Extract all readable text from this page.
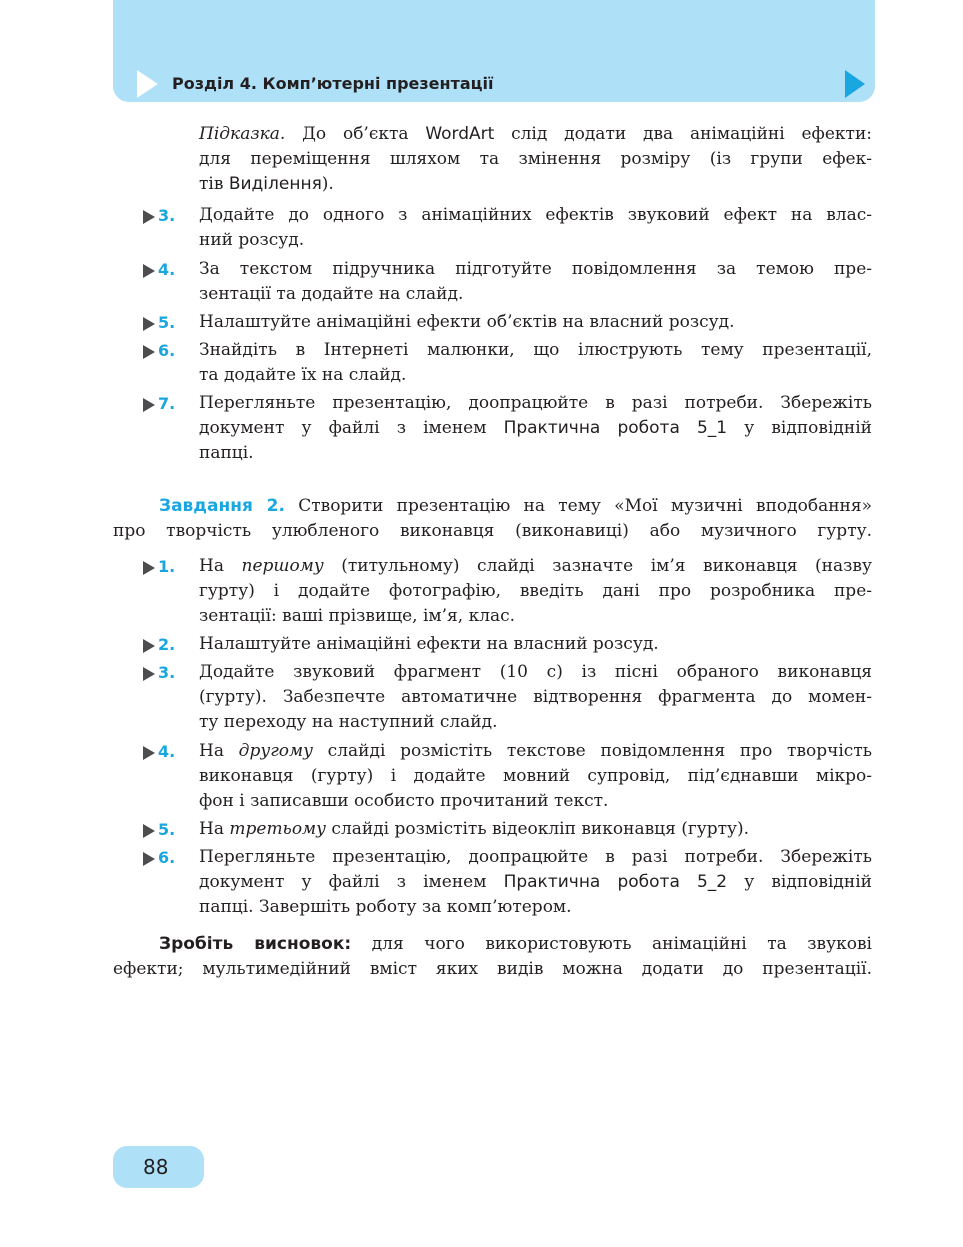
Розділ 4. Комп’ютерні презентації

Підказка. До об’єкта WordArt слід додати два анімаційні ефекти:

для переміщення шляхом та змінення розміру (із групи ефек-

тів Виділення).

3. Додайте до одного з анімаційних ефектів звуковий ефект на влас-

ний розсуд.

4. За текстом підручника підготуйте повідомлення за темою пре-

зентації та додайте на слайд.

5. Налаштуйте анімаційні ефекти об’єктів на власний розсуд.

6. Знайдіть в Інтернеті малюнки, що ілюструють тему презентації,

та додайте їх на слайд.

7. Перегляньте презентацію, доопрацюйте в разі потреби. Збережіть

документ у файлі з іменем Практична робота 5_1 у відповідній

папці.

Завдання 2. Створити презентацію на тему «Мої музичні вподобання»

про творчість улюбленого виконавця (виконавиці) або музичного гурту.

1. На першому (титульному) слайді зазначте ім’я виконавця (назву

гурту) і додайте фотографію, введіть дані про розробника пре-

зентації: ваші прізвище, ім’я, клас.

2. Налаштуйте анімаційні ефекти на власний розсуд.

3. Додайте звуковий фрагмент (10 с) із пісні обраного виконавця

(гурту). Забезпечте автоматичне відтворення фрагмента до момен-

ту переходу на наступний слайд.

4. На другому слайді розмістіть текстове повідомлення про творчість

виконавця (гурту) і додайте мовний супровід, під’єднавши мікро-

фон і записавши особисто прочитаний текст.

5. На третьому слайді розмістіть відеокліп виконавця (гурту).

6. Перегляньте презентацію, доопрацюйте в разі потреби. Збережіть

документ у файлі з іменем Практична робота 5_2 у відповідній

папці. Завершіть роботу за комп’ютером.

Зробіть висновок: для чого використовують анімаційні та звукові

ефекти; мультимедійний вміст яких видів можна додати до презентації.

88
